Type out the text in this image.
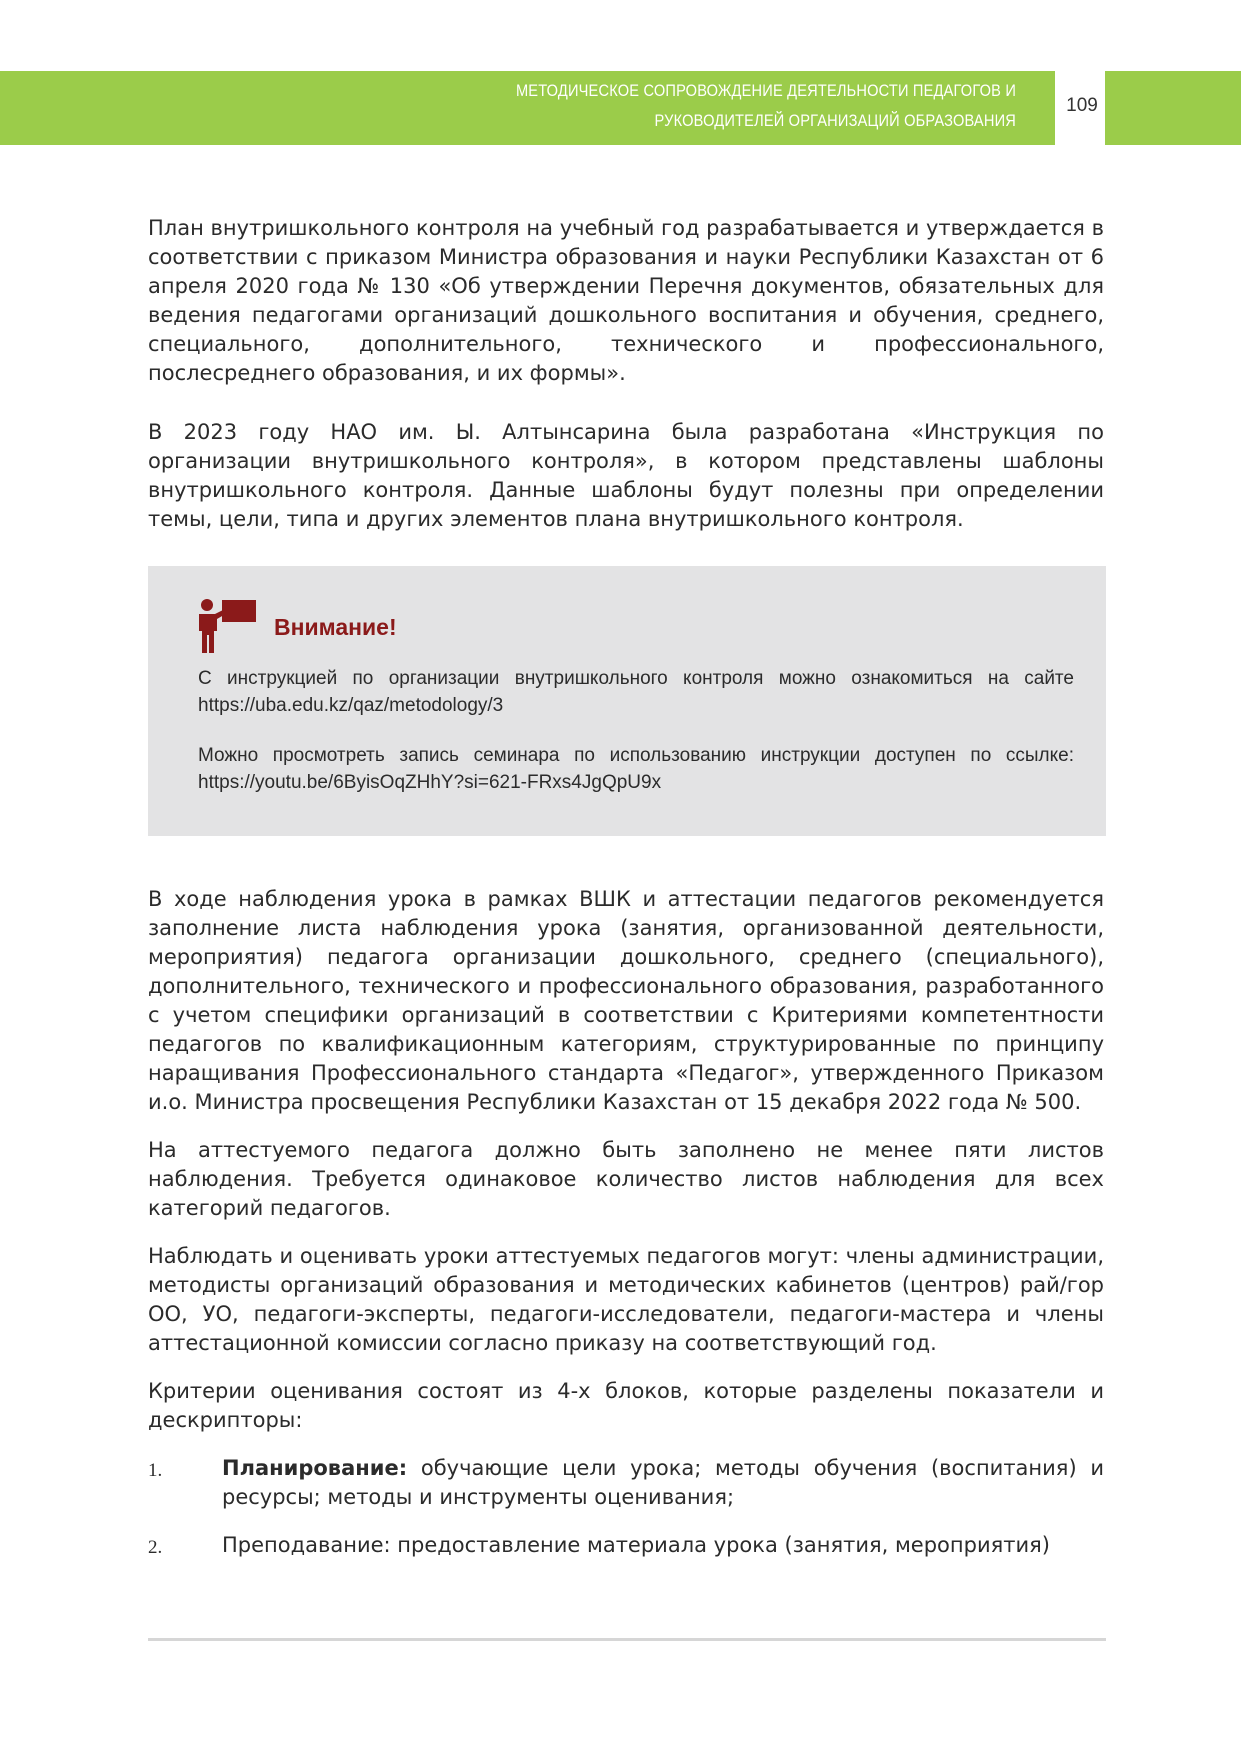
МЕТОДИЧЕСКОЕ СОПРОВОЖДЕНИЕ ДЕЯТЕЛЬНОСТИ ПЕДАГОГОВ И
РУКОВОДИТЕЛЕЙ ОРГАНИЗАЦИЙ ОБРАЗОВАНИЯ
109

План внутришкольного контроля на учебный год разрабатывается и утверждается в соответствии с приказом Министра образования и науки Республики Казахстан от 6 апреля 2020 года № 130 «Об утверждении Перечня документов, обязательных для ведения педагогами организаций дошкольного воспитания и обучения, среднего, специального, дополнительного, технического и профессионального, послесреднего образования, и их формы».

В 2023 году НАО им. Ы. Алтынсарина была разработана «Инструкция по организации внутришкольного контроля», в котором представлены шаблоны внутришкольного контроля. Данные шаблоны будут полезны при определении темы, цели, типа и других элементов плана внутришкольного контроля.

Внимание!
С инструкцией по организации внутришкольного контроля можно ознакомиться на сайте https://uba.edu.kz/qaz/metodology/3
Можно просмотреть запись семинара по использованию инструкции доступен по ссылке: https://youtu.be/6ByisOqZHhY?si=621-FRxs4JgQpU9x

В ходе наблюдения урока в рамках ВШК и аттестации педагогов рекомендуется заполнение листа наблюдения урока (занятия, организованной деятельности, мероприятия) педагога организации дошкольного, среднего (специального), дополнительного, технического и профессионального образования, разработанного с учетом специфики организаций в соответствии с Критериями компетентности педагогов по квалификационным категориям, структурированные по принципу наращивания Профессионального стандарта «Педагог», утвержденного Приказом и.о. Министра просвещения Республики Казахстан от 15 декабря 2022 года № 500.

На аттестуемого педагога должно быть заполнено не менее пяти листов наблюдения. Требуется одинаковое количество листов наблюдения для всех категорий педагогов.

Наблюдать и оценивать уроки аттестуемых педагогов могут: члены администрации, методисты организаций образования и методических кабинетов (центров) рай/гор ОО, УО, педагоги-эксперты, педагоги-исследователи, педагоги-мастера и члены аттестационной комиссии согласно приказу на соответствующий год.

Критерии оценивания состоят из 4-х блоков, которые разделены показатели и дескрипторы:

1.	Планирование: обучающие цели урока; методы обучения (воспитания) и ресурсы; методы и инструменты оценивания;
2.	Преподавание: предоставление материала урока (занятия, мероприятия)
